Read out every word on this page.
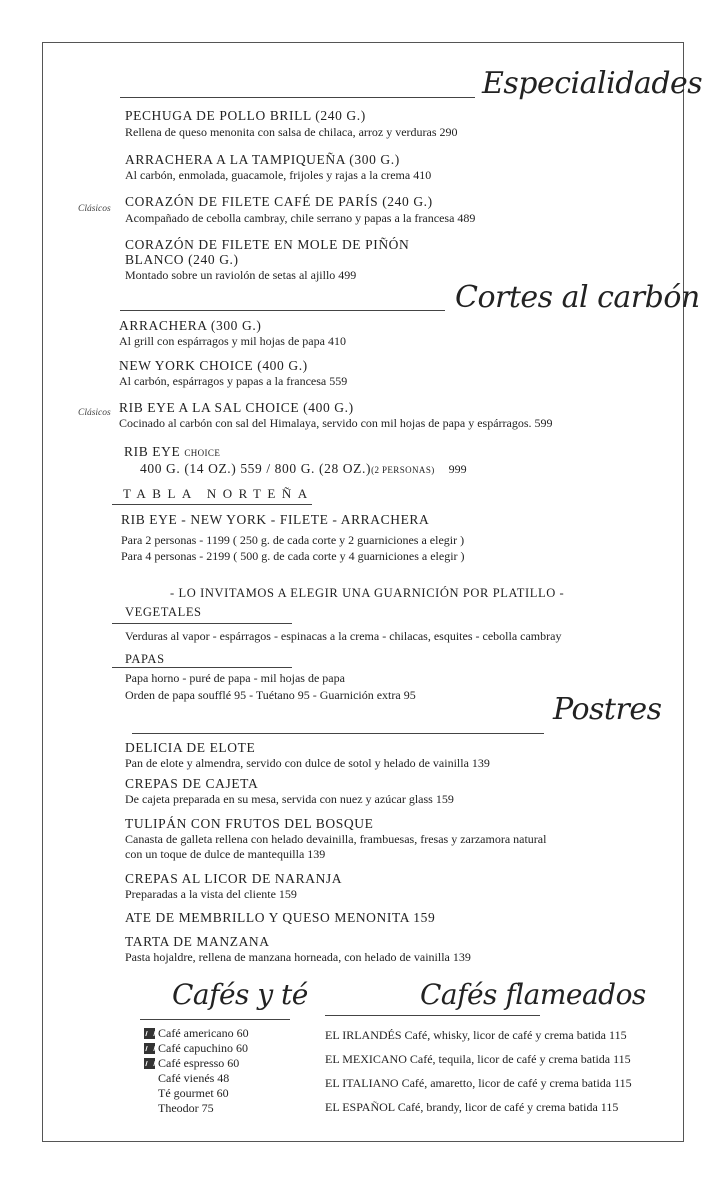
Especialidades
PECHUGA DE POLLO BRILL (240 G.)
Rellena de queso menonita con salsa de chilaca, arroz y verduras 290
ARRACHERA A LA TAMPIQUEÑA (300 G.)
Al carbón, enmolada, guacamole, frijoles y rajas a la crema 410
Clásicos CORAZÓN DE FILETE CAFÉ DE PARÍS (240 G.)
Acompañado de cebolla cambray, chile serrano y papas a la francesa 489
CORAZÓN DE FILETE EN MOLE DE PIÑÓN
BLANCO (240 G.)
Montado sobre un raviolón de setas al ajillo 499
Cortes al carbón
ARRACHERA (300 G.)
Al grill con espárragos y mil hojas de papa 410
NEW YORK CHOICE (400 G.)
Al carbón, espárragos y papas a la francesa 559
Clásicos RIB EYE A LA SAL CHOICE (400 G.)
Cocinado al carbón con sal del Himalaya, servido con mil hojas de papa y espárragos. 599
RIB EYE CHOICE
400 G. (14 OZ.) 559 / 800 G. (28 OZ.)(2 PERSONAS) 999
TABLA NORTEÑA
RIB EYE - NEW YORK - FILETE - ARRACHERA
Para 2 personas - 1199 ( 250 g. de cada corte y 2 guarniciones a elegir )
Para 4 personas - 2199 ( 500 g. de cada corte y 4 guarniciones a elegir )
- LO INVITAMOS A ELEGIR UNA GUARNICIÓN POR PLATILLO -
VEGETALES
Verduras al vapor - espárragos - espinacas a la crema - chilacas, esquites - cebolla cambray
PAPAS
Papa horno - puré de papa - mil hojas de papa
Orden de papa soufflé 95 - Tuétano 95 - Guarnición extra 95	Postres
DELICIA DE ELOTE
Pan de elote y almendra, servido con dulce de sotol y helado de vainilla 139
CREPAS DE CAJETA
De cajeta preparada en su mesa, servida con nuez y azúcar glass 159
TULIPÁN CON FRUTOS DEL BOSQUE
Canasta de galleta rellena con helado devainilla, frambuesas, fresas y zarzamora natural
con un toque de dulce de mantequilla 139
CREPAS AL LICOR DE NARANJA
Preparadas a la vista del cliente 159
ATE DE MEMBRILLO Y QUESO MENONITA 159
TARTA DE MANZANA
Pasta hojaldre, rellena de manzana horneada, con helado de vainilla 139
Cafés y té
Café americano 60
Café capuchino 60
Café espresso 60
Café vienés 48
Té gourmet 60
Theodor 75
Cafés flameados
EL IRLANDÉS Café, whisky, licor de café y crema batida 115
EL MEXICANO Café, tequila, licor de café y crema batida 115
EL ITALIANO Café, amaretto, licor de café y crema batida 115
EL ESPAÑOL Café, brandy, licor de café y crema batida 115
